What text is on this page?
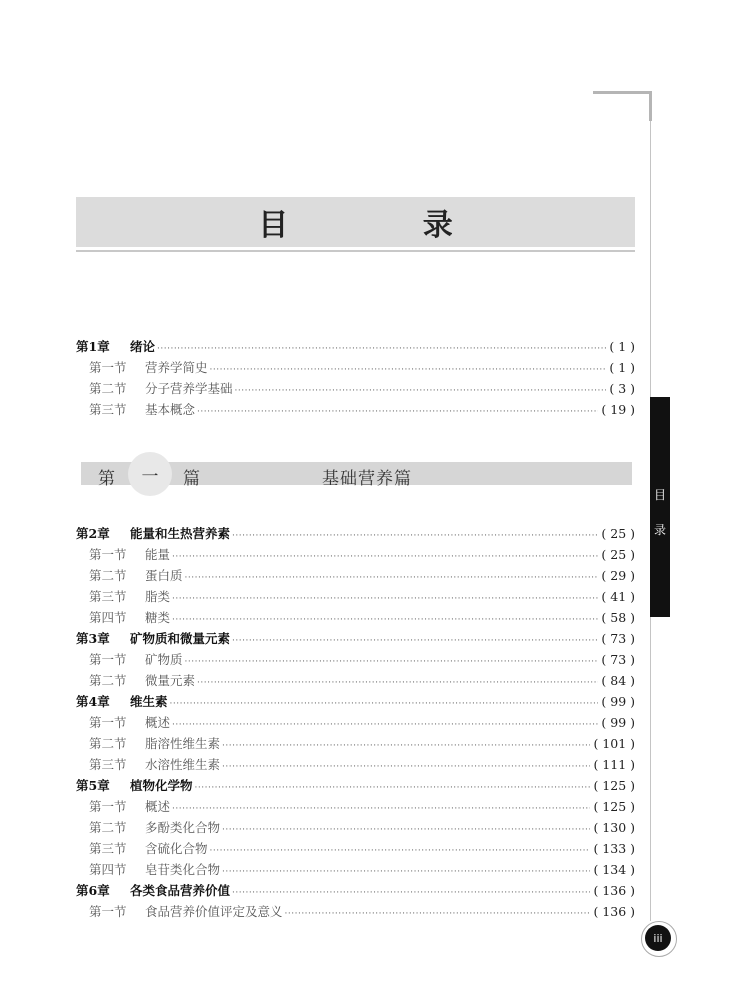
目 录
第1章	绪论 ·····	( 1 )
第一节	营养学简史 ·····	( 1 )
第二节	分子营养学基础 ·····	( 3 )
第三节	基本概念 ·····	( 19 )
第 一 篇	基础营养篇
目
录
第2章	能量和生热营养素 ·····	( 25 )
第一节	能量 ·····	( 25 )
第二节	蛋白质 ·····	( 29 )
第三节	脂类 ·····	( 41 )
第四节	糖类 ·····	( 58 )
第3章	矿物质和微量元素 ·····	( 73 )
第一节	矿物质 ·····	( 73 )
第二节	微量元素 ·····	( 84 )
第4章	维生素 ·····	( 99 )
第一节	概述 ·····	( 99 )
第二节	脂溶性维生素 ·····	( 101 )
第三节	水溶性维生素 ·····	( 111 )
第5章	植物化学物 ·····	( 125 )
第一节	概述 ·····	( 125 )
第二节	多酚类化合物 ·····	( 130 )
第三节	含硫化合物 ·····	( 133 )
第四节	皂苷类化合物 ·····	( 134 )
第6章	各类食品营养价值 ·····	( 136 )
第一节	食品营养价值评定及意义 ·····	( 136 )
iii
